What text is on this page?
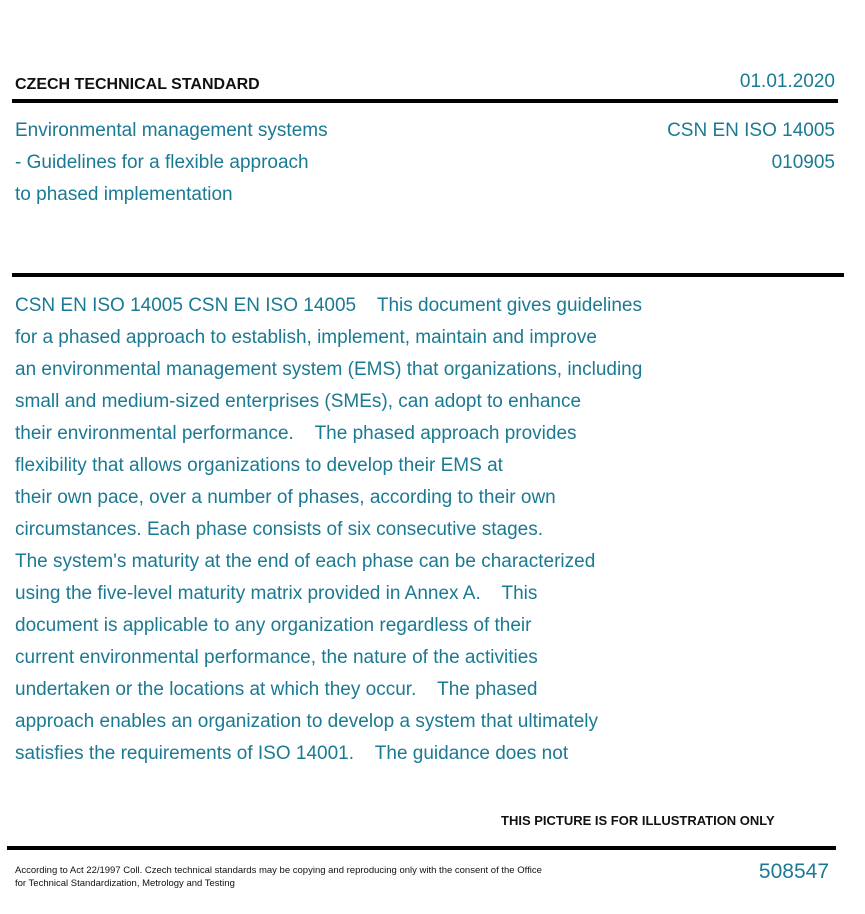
CZECH TECHNICAL STANDARD	01.01.2020
Environmental management systems
- Guidelines for a flexible approach
to phased implementation
CSN EN ISO 14005
010905
CSN EN ISO 14005 CSN EN ISO 14005    This document gives guidelines
for a phased approach to establish, implement, maintain and improve
an environmental management system (EMS) that organizations, including
small and medium-sized enterprises (SMEs), can adopt to enhance
their environmental performance.    The phased approach provides
flexibility that allows organizations to develop their EMS at
their own pace, over a number of phases, according to their own
circumstances. Each phase consists of six consecutive stages.
The system's maturity at the end of each phase can be characterized
using the five-level maturity matrix provided in Annex A.    This
document is applicable to any organization regardless of their
current environmental performance, the nature of the activities
undertaken or the locations at which they occur.    The phased
approach enables an organization to develop a system that ultimately
satisfies the requirements of ISO 14001.    The guidance does not
THIS PICTURE IS FOR ILLUSTRATION ONLY
According to Act 22/1997 Coll. Czech technical standards may be copying and reproducing only with the consent of the Office
for Technical Standardization, Metrology and Testing
508547
